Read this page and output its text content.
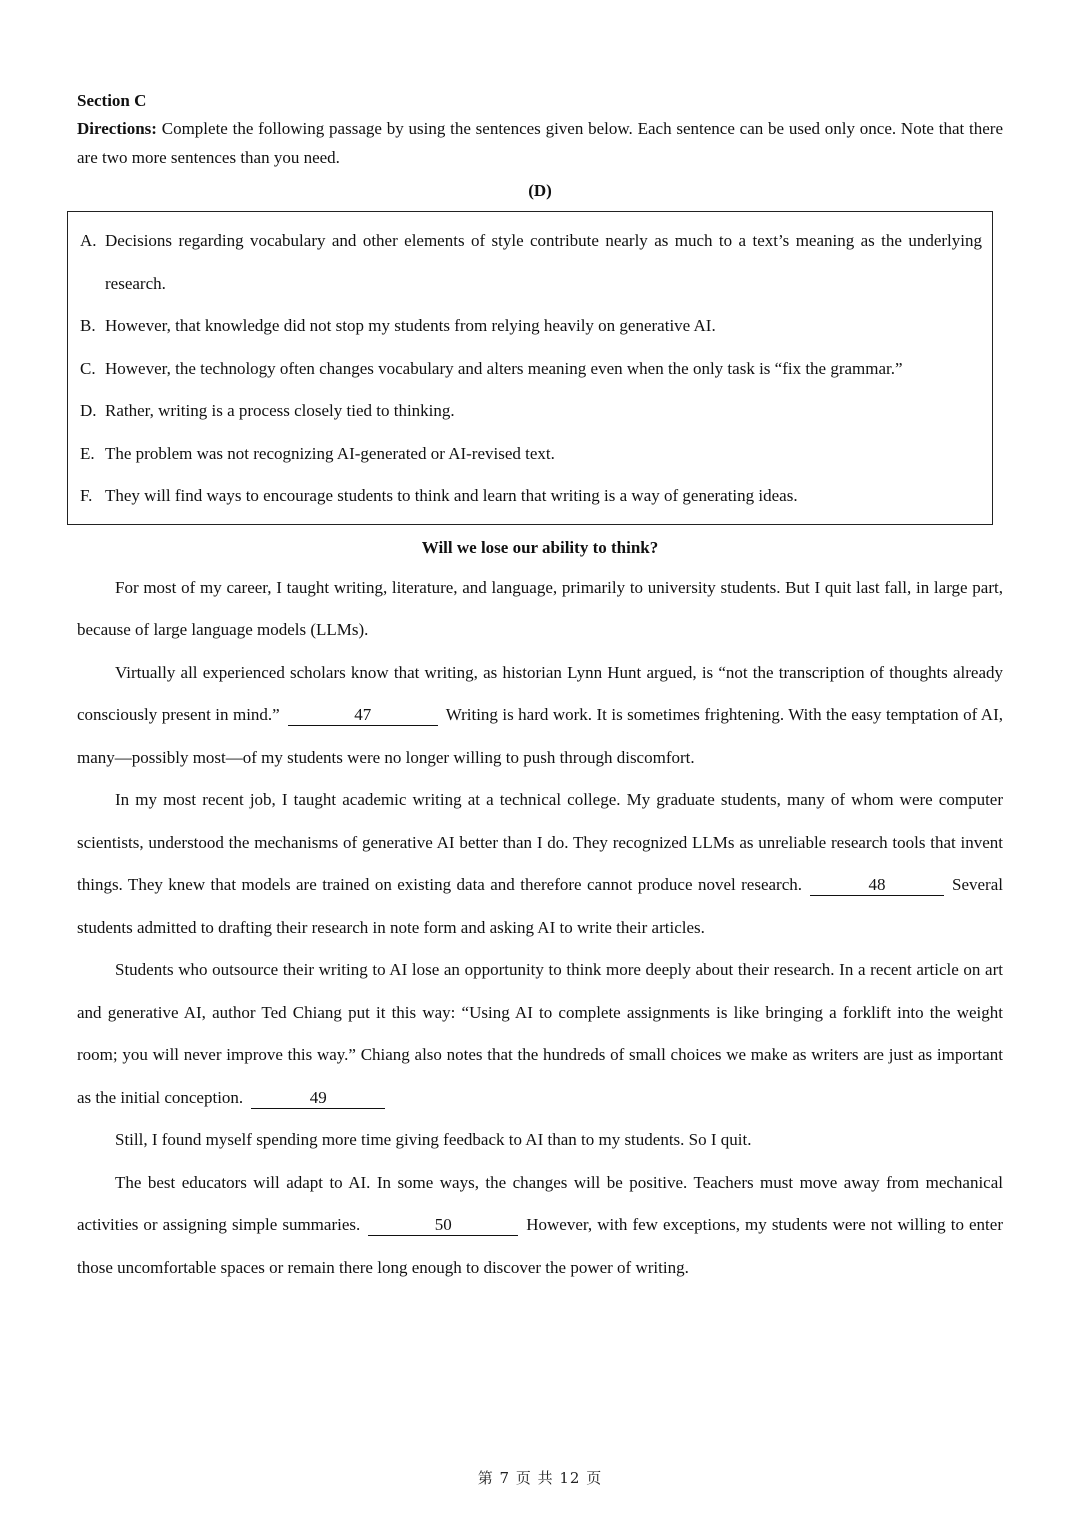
Section C

Directions: Complete the following passage by using the sentences given below. Each sentence can be used only once. Note that there are two more sentences than you need.

(D)

A. Decisions regarding vocabulary and other elements of style contribute nearly as much to a text’s meaning as the underlying research.

B. However, that knowledge did not stop my students from relying heavily on generative AI.

C. However, the technology often changes vocabulary and alters meaning even when the only task is “fix the grammar.”

D. Rather, writing is a process closely tied to thinking.

E. The problem was not recognizing AI-generated or AI-revised text.

F. They will find ways to encourage students to think and learn that writing is a way of generating ideas.

Will we lose our ability to think?

For most of my career, I taught writing, literature, and language, primarily to university students. But I quit last fall, in large part, because of large language models (LLMs).

Virtually all experienced scholars know that writing, as historian Lynn Hunt argued, is “not the transcription of thoughts already consciously present in mind.”	47	Writing is hard work. It is sometimes frightening. With the easy temptation of AI, many—possibly most—of my students were no longer willing to push through discomfort.

In my most recent job, I taught academic writing at a technical college. My graduate students, many of whom were computer scientists, understood the mechanisms of generative AI better than I do. They recognized LLMs as unreliable research tools that invent things. They knew that models are trained on existing data and therefore cannot produce novel research.	48	Several students admitted to drafting their research in note form and asking AI to write their articles.

Students who outsource their writing to AI lose an opportunity to think more deeply about their research. In a recent article on art and generative AI, author Ted Chiang put it this way: “Using AI to complete assignments is like bringing a forklift into the weight room; you will never improve this way.” Chiang also notes that the hundreds of small choices we make as writers are just as important as the initial conception.	49

Still, I found myself spending more time giving feedback to AI than to my students. So I quit.

The best educators will adapt to AI. In some ways, the changes will be positive. Teachers must move away from mechanical activities or assigning simple summaries.	50	However, with few exceptions, my students were not willing to enter those uncomfortable spaces or remain there long enough to discover the power of writing.

第 7 页 共 12 页
